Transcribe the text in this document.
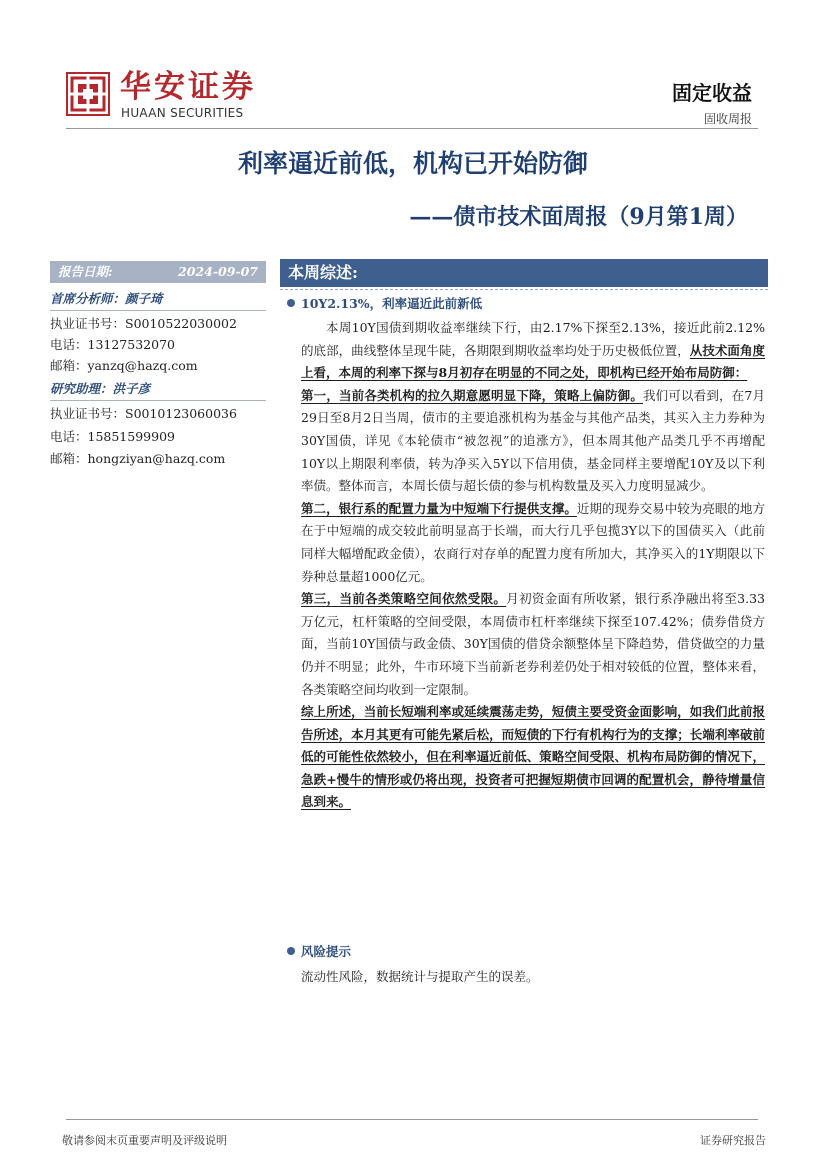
华安证券
HUAAN SECURITIES
固定收益
固收周报
利率逼近前低，机构已开始防御
——债市技术面周报（9月第1周）
报告日期:	2024-09-07
首席分析师：颜子琦
执业证书号：S0010522030002
电话：13127532070
邮箱：yanzq@hazq.com
研究助理：洪子彦
执业证书号：S0010123060036
电话：15851599909
邮箱：hongziyan@hazq.com
本周综述:
10Y2.13%，利率逼近此前新低

本周10Y国债到期收益率继续下行，由2.17%下探至2.13%，接近此前2.12%的底部，曲线整体呈现牛陡，各期限到期收益率均处于历史极低位置，从技术面角度上看，本周的利率下探与8月初存在明显的不同之处，即机构已经开始布局防御：

第一，当前各类机构的拉久期意愿明显下降，策略上偏防御。我们可以看到，在7月29日至8月2日当周，债市的主要追涨机构为基金与其他产品类，其买入主力券种为30Y国债，详见《本轮债市“被忽视”的追涨方》，但本周其他产品类几乎不再增配10Y以上期限利率债，转为净买入5Y以下信用债，基金同样主要增配10Y及以下利率债。整体而言，本周长债与超长债的参与机构数量及买入力度明显减少。

第二，银行系的配置力量为中短端下行提供支撑。近期的现券交易中较为亮眼的地方在于中短端的成交较此前明显高于长端，而大行几乎包揽3Y以下的国债买入（此前同样大幅增配政金债），农商行对存单的配置力度有所加大，其净买入的1Y期限以下券种总量超1000亿元。

第三，当前各类策略空间依然受限。月初资金面有所收紧，银行系净融出将至3.33万亿元，杠杆策略的空间受限，本周债市杠杆率继续下探至107.42%；债券借贷方面，当前10Y国债与政金债、30Y国债的借贷余额整体呈下降趋势，借贷做空的力量仍并不明显；此外，牛市环境下当前新老券利差仍处于相对较低的位置，整体来看，各类策略空间均收到一定限制。

综上所述，当前长短端利率或延续震荡走势，短债主要受资金面影响，如我们此前报告所述，本月其更有可能先紧后松，而短债的下行有机构行为的支撑；长端利率破前低的可能性依然较小，但在利率逼近前低、策略空间受限、机构布局防御的情况下，急跌+慢牛的情形或仍将出现，投资者可把握短期债市回调的配置机会，静待增量信息到来。

风险提示

流动性风险，数据统计与提取产生的误差。

敬请参阅末页重要声明及评级说明	证券研究报告
